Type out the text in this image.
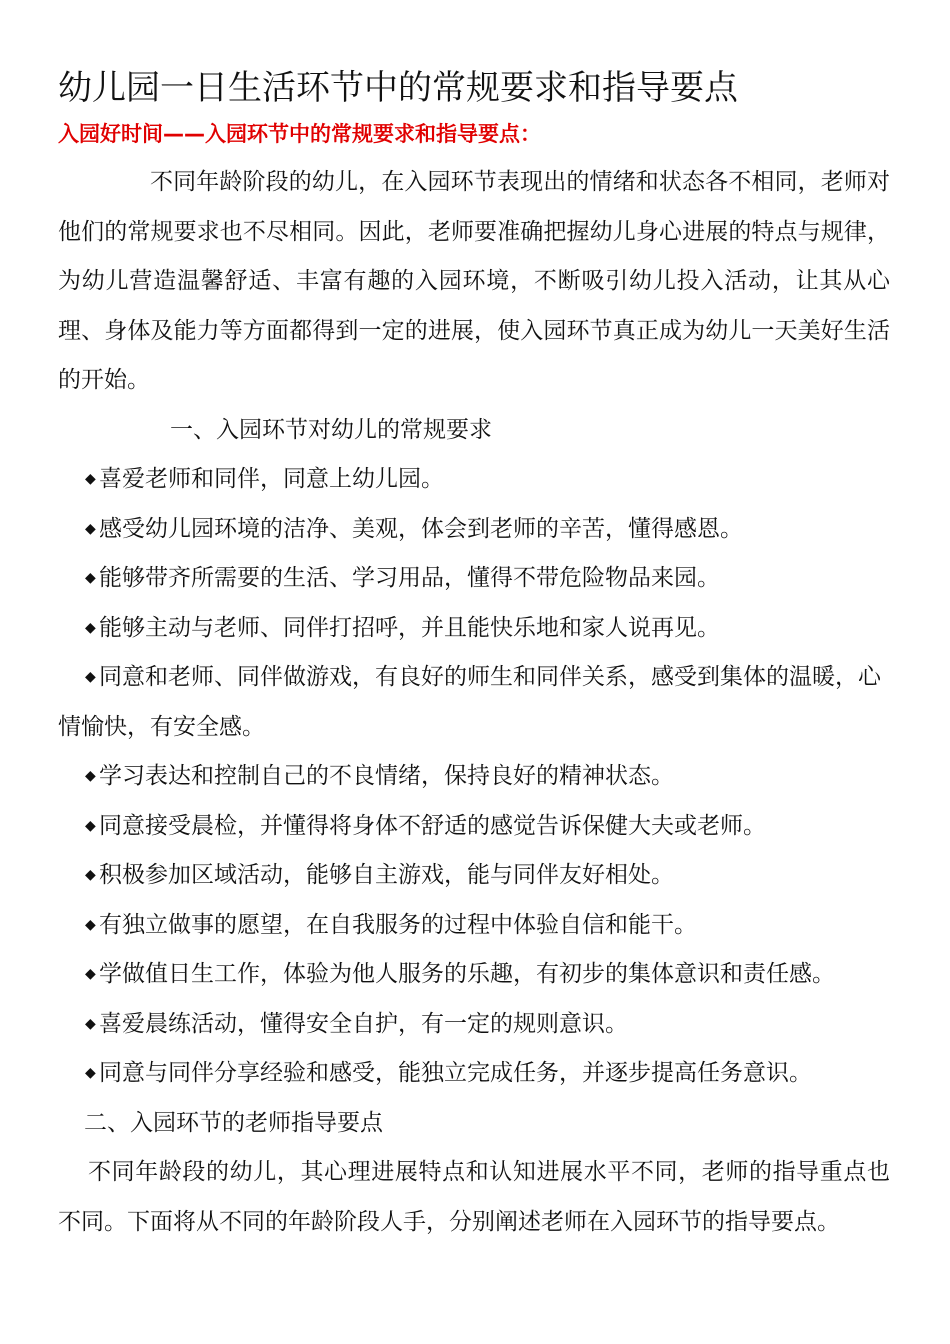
幼儿园一日生活环节中的常规要求和指导要点
入园好时间——入园环节中的常规要求和指导要点：

不同年龄阶段的幼儿，在入园环节表现出的情绪和状态各不相同，老师对他们的常规要求也不尽相同。因此，老师要准确把握幼儿身心进展的特点与规律，为幼儿营造温馨舒适、丰富有趣的入园环境，不断吸引幼儿投入活动，让其从心理、身体及能力等方面都得到一定的进展，使入园环节真正成为幼儿一天美好生活的开始。

一、入园环节对幼儿的常规要求

◆ 喜爱老师和同伴，同意上幼儿园。
◆ 感受幼儿园环境的洁净、美观，体会到老师的辛苦，懂得感恩。
◆ 能够带齐所需要的生活、学习用品，懂得不带危险物品来园。
◆ 能够主动与老师、同伴打招呼，并且能快乐地和家人说再见。
◆ 同意和老师、同伴做游戏，有良好的师生和同伴关系，感受到集体的温暖，心情愉快，有安全感。
◆ 学习表达和控制自己的不良情绪，保持良好的精神状态。
◆ 同意接受晨检，并懂得将身体不舒适的感觉告诉保健大夫或老师。
◆ 积极参加区域活动，能够自主游戏，能与同伴友好相处。
◆ 有独立做事的愿望，在自我服务的过程中体验自信和能干。
◆ 学做值日生工作，体验为他人服务的乐趣，有初步的集体意识和责任感。
◆ 喜爱晨练活动，懂得安全自护，有一定的规则意识。
◆ 同意与同伴分享经验和感受，能独立完成任务，并逐步提高任务意识。

二、入园环节的老师指导要点

不同年龄段的幼儿，其心理进展特点和认知进展水平不同，老师的指导重点也不同。下面将从不同的年龄阶段人手，分别阐述老师在入园环节的指导要点。
